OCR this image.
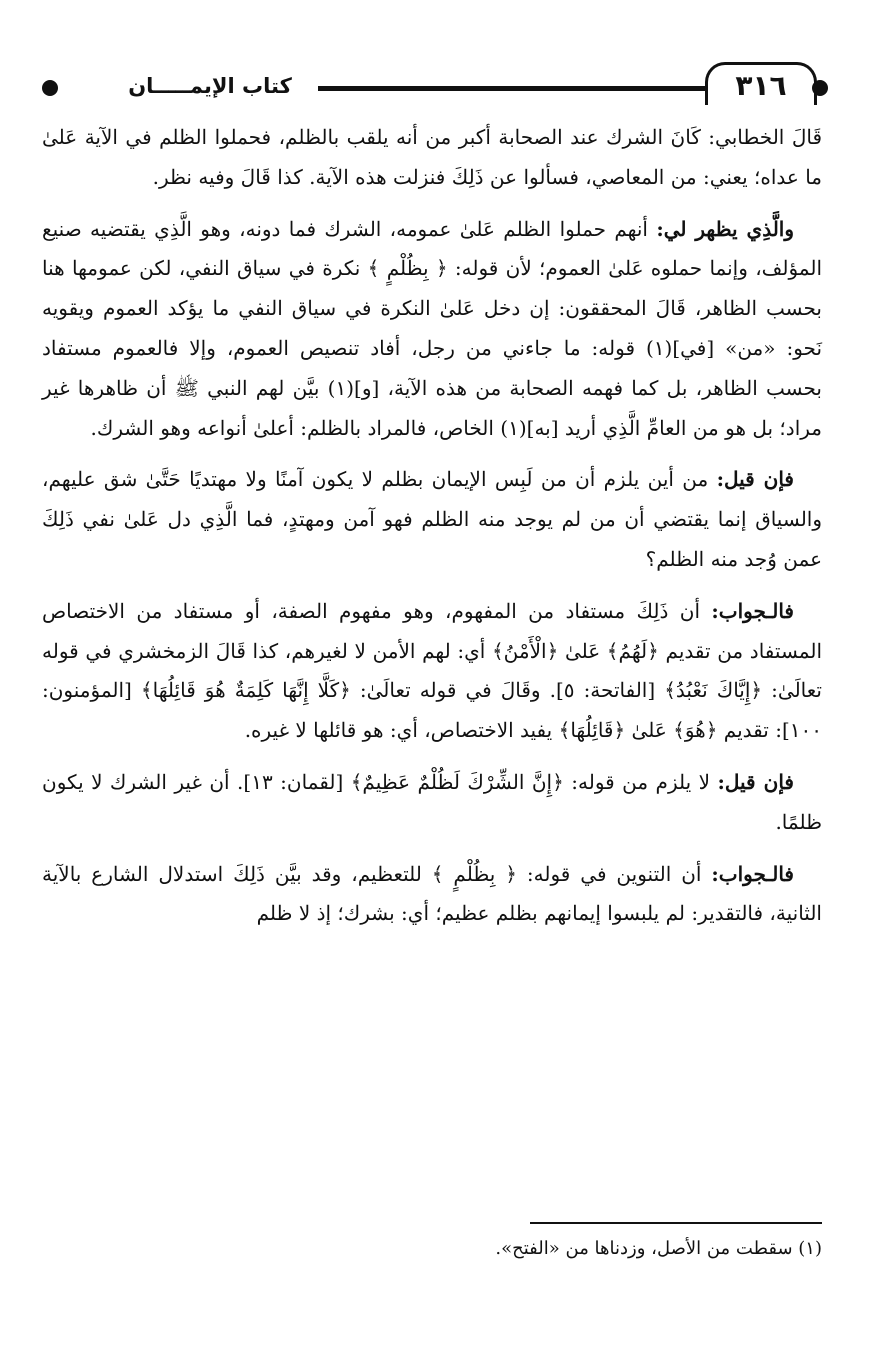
كتاب الإيمـــــان	٣١٦

قَالَ الخطابي: كَانَ الشرك عند الصحابة أكبر من أنه يلقب بالظلم، فحملوا الظلم في الآية عَلىٰ ما عداه؛ يعني: من المعاصي، فسألوا عن ذَلِكَ فنزلت هذه الآية. كذا قَالَ وفيه نظر.

والَّذِي يظهر لي: أنهم حملوا الظلم عَلىٰ عمومه، الشرك فما دونه، وهو الَّذِي يقتضيه صنيع المؤلف، وإنما حملوه عَلىٰ العموم؛ لأن قوله: ﴿ بِظُلْمٍ ﴾ نكرة في سياق النفي، لكن عمومها هنا بحسب الظاهر، قَالَ المحققون: إن دخل عَلىٰ النكرة في سياق النفي ما يؤكد العموم ويقويه نَحو: «من» [في](١) قوله: ما جاءني من رجل، أفاد تنصيص العموم، وإلا فالعموم مستفاد بحسب الظاهر، بل كما فهمه الصحابة من هذه الآية، [و](١) بيَّن لهم النبي ﷺ أن ظاهرها غير مراد؛ بل هو من العامِّ الَّذِي أريد [به](١) الخاص، فالمراد بالظلم: أعلىٰ أنواعه وهو الشرك.

فإن قيل: من أين يلزم أن من لَبِس الإيمان بظلم لا يكون آمنًا ولا مهتديًا حَتَّىٰ شق عليهم، والسياق إنما يقتضي أن من لم يوجد منه الظلم فهو آمن ومهتدٍ، فما الَّذِي دل عَلىٰ نفي ذَلِكَ عمن وُجد منه الظلم؟

فالـجواب: أن ذَلِكَ مستفاد من المفهوم، وهو مفهوم الصفة، أو مستفاد من الاختصاص المستفاد من تقديم ﴿لَهُمُ﴾ عَلىٰ ﴿الْأَمْنُ﴾ أي: لهم الأمن لا لغيرهم، كذا قَالَ الزمخشري في قوله تعالَىٰ: ﴿إِيَّاكَ نَعْبُدُ﴾ [الفاتحة: ٥]. وقَالَ في قوله تعالَىٰ: ﴿كَلَّا إِنَّهَا كَلِمَةٌ هُوَ قَائِلُهَا﴾ [المؤمنون: ١٠٠]: تقديم ﴿هُوَ﴾ عَلىٰ ﴿قَائِلُهَا﴾ يفيد الاختصاص، أي: هو قائلها لا غيره.

فإن قيل: لا يلزم من قوله: ﴿إِنَّ الشِّرْكَ لَظُلْمٌ عَظِيمٌ﴾ [لقمان: ١٣]. أن غير الشرك لا يكون ظلمًا.

فالـجواب: أن التنوين في قوله: ﴿ بِظُلْمٍ ﴾ للتعظيم، وقد بيَّن ذَلِكَ استدلال الشارع بالآية الثانية، فالتقدير: لم يلبسوا إيمانهم بظلم عظيم؛ أي: بشرك؛ إذ لا ظلم

(١) سقطت من الأصل، وزدناها من «الفتح».
